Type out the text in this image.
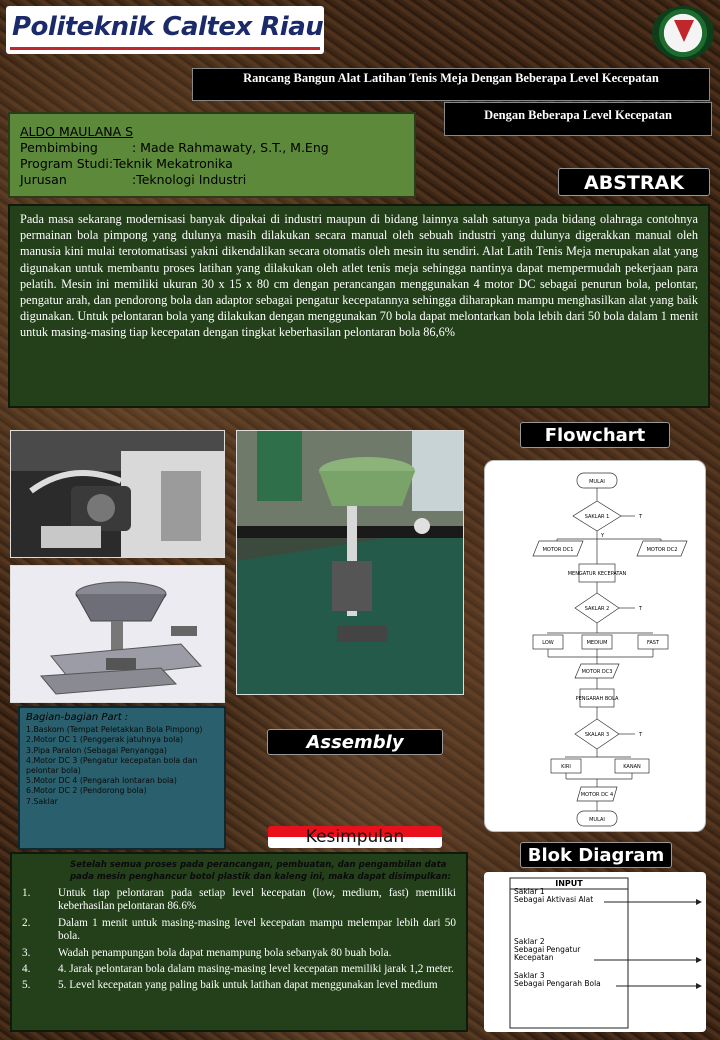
Politeknik Caltex Riau
Rancang Bangun Alat Latihan Tenis Meja Dengan Beberapa Level Kecepatan
Dengan Beberapa Level Kecepatan
ALDO MAULANA S
Pembimbing	: Made Rahmawaty, S.T., M.Eng
Program Studi :Teknik Mekatronika
Jurusan	:Teknologi Industri	ABSTRAK
Pada masa sekarang modernisasi banyak dipakai di industri maupun di bidang lainnya salah satunya pada bidang olahraga contohnya permainan bola pimpong yang dulunya masih dilakukan secara manual oleh sebuah industri yang dulunya digerakkan manual oleh manusia kini mulai terotomatisasi yakni dikendalikan secara otomatis oleh mesin itu sendiri. Alat Latih Tenis Meja merupakan alat yang digunakan untuk membantu proses latihan yang dilakukan oleh atlet tenis meja sehingga nantinya dapat mempermudah pekerjaan para pelatih. Mesin ini memiliki ukuran 30 x 15 x 80 cm dengan perancangan menggunakan 4 motor DC sebagai penurun bola, pelontar, pengatur arah, dan pendorong bola dan adaptor sebagai pengatur kecepatannya sehingga diharapkan mampu menghasilkan alat yang baik digunakan. Untuk pelontaran bola yang dilakukan dengan menggunakan 70 bola dapat melontarkan bola lebih dari 50 bola dalam 1 menit untuk masing-masing tiap kecepatan dengan tingkat keberhasilan pelontaran bola 86,6%
Bagian-bagian Part :
1.Baskom (Tempat Peletakkan Bola Pimpong)
2.Motor DC 1 (Penggerak jatuhnya bola)
3.Pipa Paralon (Sebagai Penyangga)
4.Motor DC 3 (Pengatur kecepatan bola dan
pelontar bola)
5.Motor DC 4 (Pengarah lontaran bola)
6.Motor DC 2 (Pendorong bola)
7.Saklar
Assembly
Flowchart
MULAI
SAKLAR 1	T
Y
MOTOR DC1	MOTOR DC2
MENGATUR KECEPATAN
SAKLAR 2	T
LOW	MEDIUM	FAST
MOTOR DC3
PENGARAH BOLA
SKALAR 3	T
KIRI	KANAN
MOTOR DC 4
MULAI
Kesimpulan
Setelah semua proses pada perancangan, pembuatan, dan pengambilan data pada mesin penghancur botol plastik dan kaleng ini, maka dapat disimpulkan:
1.	Untuk tiap pelontaran pada setiap level kecepatan (low, medium, fast) memiliki keberhasilan pelontaran 86.6%
2.	Dalam 1 menit untuk masing-masing level kecepatan mampu melempar lebih dari 50 bola.
3.	Wadah penampungan bola dapat menampung bola sebanyak 80 buah bola.
4.	4. Jarak pelontaran bola dalam masing-masing level kecepatan memiliki jarak 1,2 meter.
5.	5. Level kecepatan yang paling baik untuk latihan dapat menggunakan level medium
Blok Diagram
INPUT
Saklar 1
Sebagai Aktivasi Alat
Saklar 2
Sebagai Pengatur
Kecepatan
Saklar 3
Sebagai Pengarah Bola
